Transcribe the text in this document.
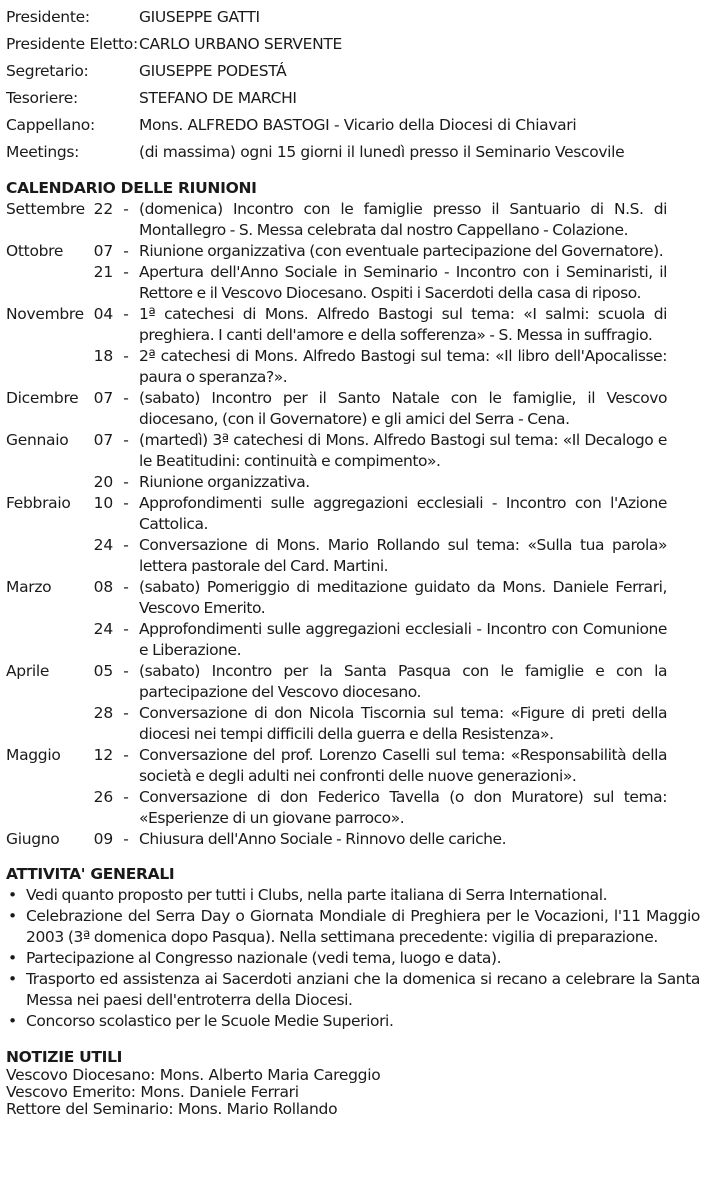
Presidente:	GIUSEPPE GATTI
Presidente Eletto: CARLO URBANO SERVENTE
Segretario:	GIUSEPPE PODESTÁ
Tesoriere:	STEFANO DE MARCHI
Cappellano:	Mons. ALFREDO BASTOGI - Vicario della Diocesi di Chiavari
Meetings:	(di massima) ogni 15 giorni il lunedì presso il Seminario Vescovile
CALENDARIO DELLE RIUNIONI
Settembre 22 - (domenica) Incontro con le famiglie presso il Santuario di N.S. di Montallegro - S. Messa celebrata dal nostro Cappellano - Colazione.
Ottobre	07 - Riunione organizzativa (con eventuale partecipazione del Governatore).
21 - Apertura dell'Anno Sociale in Seminario - Incontro con i Seminaristi, il Rettore e il Vescovo Diocesano. Ospiti i Sacerdoti della casa di riposo.
Novembre 04 - 1ª catechesi di Mons. Alfredo Bastogi sul tema: «I salmi: scuola di preghiera. I canti dell'amore e della sofferenza» - S. Messa in suffragio.
18 - 2ª catechesi di Mons. Alfredo Bastogi sul tema: «Il libro dell'Apocalisse: paura o speranza?».
Dicembre 07 - (sabato) Incontro per il Santo Natale con le famiglie, il Vescovo diocesano, (con il Governatore) e gli amici del Serra - Cena.
Gennaio	07 - (martedì) 3ª catechesi di Mons. Alfredo Bastogi sul tema: «Il Decalogo e le Beatitudini: continuità e compimento».
20 - Riunione organizzativa.
Febbraio	10 - Approfondimenti sulle aggregazioni ecclesiali - Incontro con l'Azione Cattolica.
24 - Conversazione di Mons. Mario Rollando sul tema: «Sulla tua parola» lettera pastorale del Card. Martini.
Marzo	08 - (sabato) Pomeriggio di meditazione guidato da Mons. Daniele Ferrari, Vescovo Emerito.
24 - Approfondimenti sulle aggregazioni ecclesiali - Incontro con Comunione e Liberazione.
Aprile	05 - (sabato) Incontro per la Santa Pasqua con le famiglie e con la partecipazione del Vescovo diocesano.
28 - Conversazione di don Nicola Tiscornia sul tema: «Figure di preti della diocesi nei tempi difficili della guerra e della Resistenza».
Maggio	12 - Conversazione del prof. Lorenzo Caselli sul tema: «Responsabilità della società e degli adulti nei confronti delle nuove generazioni».
26 - Conversazione di don Federico Tavella (o don Muratore) sul tema: «Esperienze di un giovane parroco».
Giugno	09 - Chiusura dell'Anno Sociale - Rinnovo delle cariche.
ATTIVITA' GENERALI
• Vedi quanto proposto per tutti i Clubs, nella parte italiana di Serra International.
• Celebrazione del Serra Day o Giornata Mondiale di Preghiera per le Vocazioni, l'11 Maggio 2003 (3ª domenica dopo Pasqua). Nella settimana precedente: vigilia di preparazione.
• Partecipazione al Congresso nazionale (vedi tema, luogo e data).
• Trasporto ed assistenza ai Sacerdoti anziani che la domenica si recano a celebrare la Santa Messa nei paesi dell'entroterra della Diocesi.
• Concorso scolastico per le Scuole Medie Superiori.
NOTIZIE UTILI
Vescovo Diocesano: Mons. Alberto Maria Careggio
Vescovo Emerito: Mons. Daniele Ferrari
Rettore del Seminario: Mons. Mario Rollando
